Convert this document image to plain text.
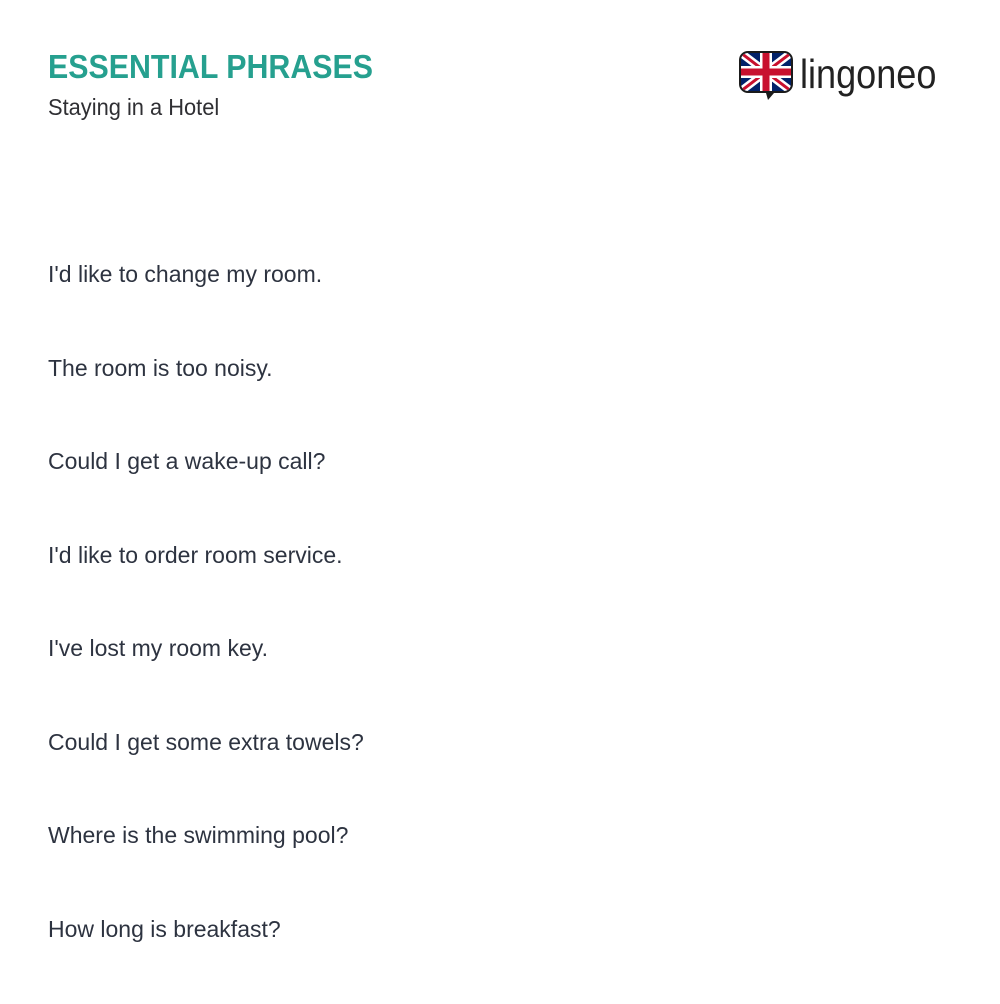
ESSENTIAL PHRASES
Staying in a Hotel
lingoneo
I'd like to change my room.
The room is too noisy.
Could I get a wake-up call?
I'd like to order room service.
I've lost my room key.
Could I get some extra towels?
Where is the swimming pool?
How long is breakfast?
